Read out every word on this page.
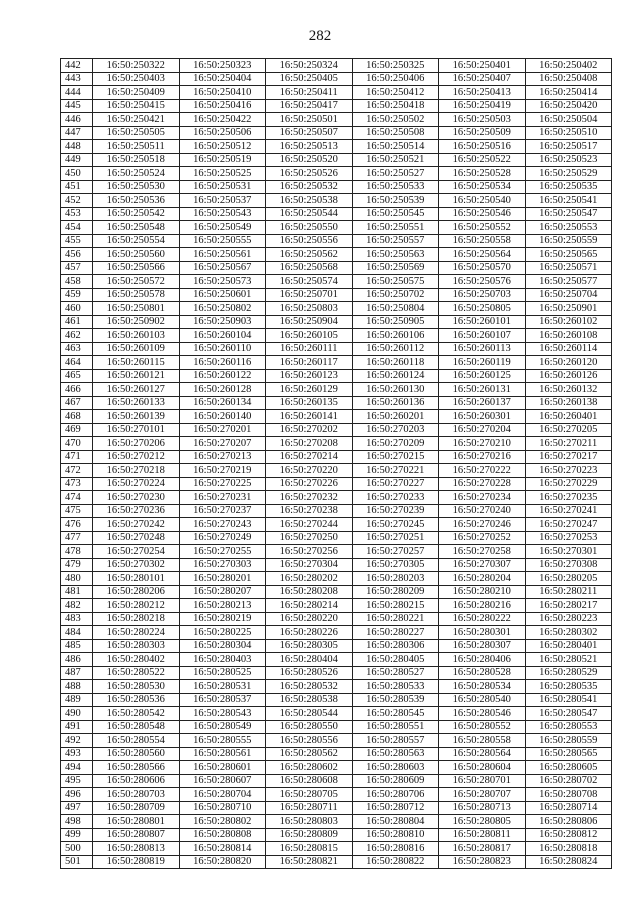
282
442	16:50:250322	16:50:250323	16:50:250324	16:50:250325	16:50:250401	16:50:250402
443	16:50:250403	16:50:250404	16:50:250405	16:50:250406	16:50:250407	16:50:250408
444	16:50:250409	16:50:250410	16:50:250411	16:50:250412	16:50:250413	16:50:250414
445	16:50:250415	16:50:250416	16:50:250417	16:50:250418	16:50:250419	16:50:250420
446	16:50:250421	16:50:250422	16:50:250501	16:50:250502	16:50:250503	16:50:250504
447	16:50:250505	16:50:250506	16:50:250507	16:50:250508	16:50:250509	16:50:250510
448	16:50:250511	16:50:250512	16:50:250513	16:50:250514	16:50:250516	16:50:250517
449	16:50:250518	16:50:250519	16:50:250520	16:50:250521	16:50:250522	16:50:250523
450	16:50:250524	16:50:250525	16:50:250526	16:50:250527	16:50:250528	16:50:250529
451	16:50:250530	16:50:250531	16:50:250532	16:50:250533	16:50:250534	16:50:250535
452	16:50:250536	16:50:250537	16:50:250538	16:50:250539	16:50:250540	16:50:250541
453	16:50:250542	16:50:250543	16:50:250544	16:50:250545	16:50:250546	16:50:250547
454	16:50:250548	16:50:250549	16:50:250550	16:50:250551	16:50:250552	16:50:250553
455	16:50:250554	16:50:250555	16:50:250556	16:50:250557	16:50:250558	16:50:250559
456	16:50:250560	16:50:250561	16:50:250562	16:50:250563	16:50:250564	16:50:250565
457	16:50:250566	16:50:250567	16:50:250568	16:50:250569	16:50:250570	16:50:250571
458	16:50:250572	16:50:250573	16:50:250574	16:50:250575	16:50:250576	16:50:250577
459	16:50:250578	16:50:250601	16:50:250701	16:50:250702	16:50:250703	16:50:250704
460	16:50:250801	16:50:250802	16:50:250803	16:50:250804	16:50:250805	16:50:250901
461	16:50:250902	16:50:250903	16:50:250904	16:50:250905	16:50:260101	16:50:260102
462	16:50:260103	16:50:260104	16:50:260105	16:50:260106	16:50:260107	16:50:260108
463	16:50:260109	16:50:260110	16:50:260111	16:50:260112	16:50:260113	16:50:260114
464	16:50:260115	16:50:260116	16:50:260117	16:50:260118	16:50:260119	16:50:260120
465	16:50:260121	16:50:260122	16:50:260123	16:50:260124	16:50:260125	16:50:260126
466	16:50:260127	16:50:260128	16:50:260129	16:50:260130	16:50:260131	16:50:260132
467	16:50:260133	16:50:260134	16:50:260135	16:50:260136	16:50:260137	16:50:260138
468	16:50:260139	16:50:260140	16:50:260141	16:50:260201	16:50:260301	16:50:260401
469	16:50:270101	16:50:270201	16:50:270202	16:50:270203	16:50:270204	16:50:270205
470	16:50:270206	16:50:270207	16:50:270208	16:50:270209	16:50:270210	16:50:270211
471	16:50:270212	16:50:270213	16:50:270214	16:50:270215	16:50:270216	16:50:270217
472	16:50:270218	16:50:270219	16:50:270220	16:50:270221	16:50:270222	16:50:270223
473	16:50:270224	16:50:270225	16:50:270226	16:50:270227	16:50:270228	16:50:270229
474	16:50:270230	16:50:270231	16:50:270232	16:50:270233	16:50:270234	16:50:270235
475	16:50:270236	16:50:270237	16:50:270238	16:50:270239	16:50:270240	16:50:270241
476	16:50:270242	16:50:270243	16:50:270244	16:50:270245	16:50:270246	16:50:270247
477	16:50:270248	16:50:270249	16:50:270250	16:50:270251	16:50:270252	16:50:270253
478	16:50:270254	16:50:270255	16:50:270256	16:50:270257	16:50:270258	16:50:270301
479	16:50:270302	16:50:270303	16:50:270304	16:50:270305	16:50:270307	16:50:270308
480	16:50:280101	16:50:280201	16:50:280202	16:50:280203	16:50:280204	16:50:280205
481	16:50:280206	16:50:280207	16:50:280208	16:50:280209	16:50:280210	16:50:280211
482	16:50:280212	16:50:280213	16:50:280214	16:50:280215	16:50:280216	16:50:280217
483	16:50:280218	16:50:280219	16:50:280220	16:50:280221	16:50:280222	16:50:280223
484	16:50:280224	16:50:280225	16:50:280226	16:50:280227	16:50:280301	16:50:280302
485	16:50:280303	16:50:280304	16:50:280305	16:50:280306	16:50:280307	16:50:280401
486	16:50:280402	16:50:280403	16:50:280404	16:50:280405	16:50:280406	16:50:280521
487	16:50:280522	16:50:280525	16:50:280526	16:50:280527	16:50:280528	16:50:280529
488	16:50:280530	16:50:280531	16:50:280532	16:50:280533	16:50:280534	16:50:280535
489	16:50:280536	16:50:280537	16:50:280538	16:50:280539	16:50:280540	16:50:280541
490	16:50:280542	16:50:280543	16:50:280544	16:50:280545	16:50:280546	16:50:280547
491	16:50:280548	16:50:280549	16:50:280550	16:50:280551	16:50:280552	16:50:280553
492	16:50:280554	16:50:280555	16:50:280556	16:50:280557	16:50:280558	16:50:280559
493	16:50:280560	16:50:280561	16:50:280562	16:50:280563	16:50:280564	16:50:280565
494	16:50:280566	16:50:280601	16:50:280602	16:50:280603	16:50:280604	16:50:280605
495	16:50:280606	16:50:280607	16:50:280608	16:50:280609	16:50:280701	16:50:280702
496	16:50:280703	16:50:280704	16:50:280705	16:50:280706	16:50:280707	16:50:280708
497	16:50:280709	16:50:280710	16:50:280711	16:50:280712	16:50:280713	16:50:280714
498	16:50:280801	16:50:280802	16:50:280803	16:50:280804	16:50:280805	16:50:280806
499	16:50:280807	16:50:280808	16:50:280809	16:50:280810	16:50:280811	16:50:280812
500	16:50:280813	16:50:280814	16:50:280815	16:50:280816	16:50:280817	16:50:280818
501	16:50:280819	16:50:280820	16:50:280821	16:50:280822	16:50:280823	16:50:280824
